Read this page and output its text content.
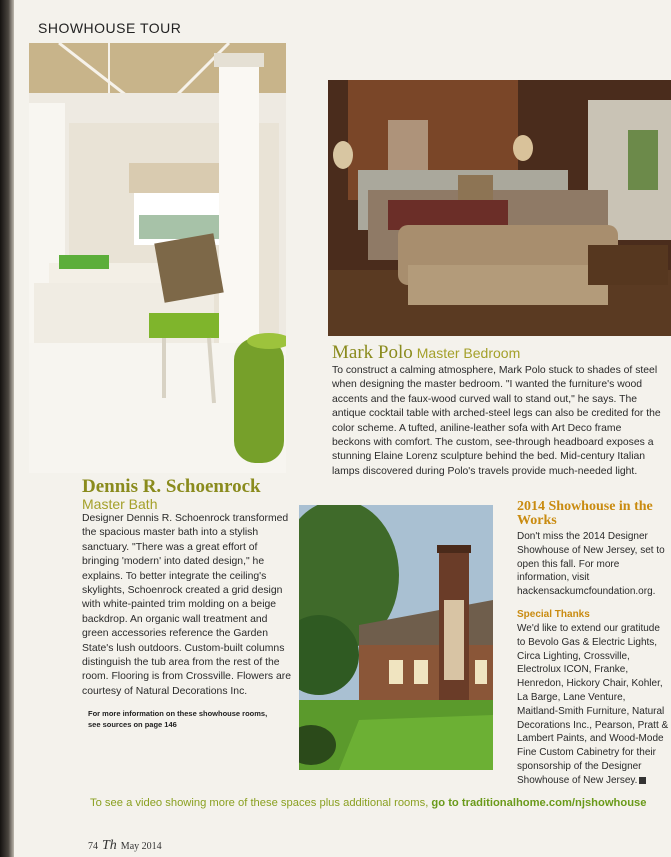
SHOWHOUSE TOUR
Mark Polo Master Bedroom
To construct a calming atmosphere, Mark Polo stuck to shades of steel when designing the master bedroom. "I wanted the furniture's wood accents and the faux-wood curved wall to stand out," he says. The antique cocktail table with arched-steel legs can also be credited for the color scheme. A tufted, aniline-leather sofa with Art Deco frame beckons with comfort. The custom, see-through headboard exposes a stunning Elaine Lorenz sculpture behind the bed. Mid-century Italian lamps discovered during Polo's travels provide much-needed light.
Dennis R. Schoenrock
Master Bath
Designer Dennis R. Schoenrock transformed the spacious master bath into a stylish sanctuary. "There was a great effort of bringing 'modern' into dated design," he explains. To better integrate the ceiling's skylights, Schoenrock created a grid design with white-painted trim molding on a beige backdrop. An organic wall treatment and green accessories reference the Garden State's lush outdoors. Custom-built columns distinguish the tub area from the rest of the room. Flooring is from Crossville. Flowers are courtesy of Natural Decorations Inc.
For more information on these showhouse rooms, see sources on page 146
2014 Showhouse in the Works
Don't miss the 2014 Designer Showhouse of New Jersey, set to open this fall. For more information, visit hackensackumcfoundation.org.
Special Thanks
We'd like to extend our gratitude to Bevolo Gas & Electric Lights, Circa Lighting, Crossville, Electrolux ICON, Franke, Henredon, Hickory Chair, Kohler, La Barge, Lane Venture, Maitland-Smith Furniture, Natural Decorations Inc., Pearson, Pratt & Lambert Paints, and Wood-Mode Fine Custom Cabinetry for their sponsorship of the Designer Showhouse of New Jersey.
To see a video showing more of these spaces plus additional rooms, go to traditionalhome.com/njshowhouse
74 Th May 2014
